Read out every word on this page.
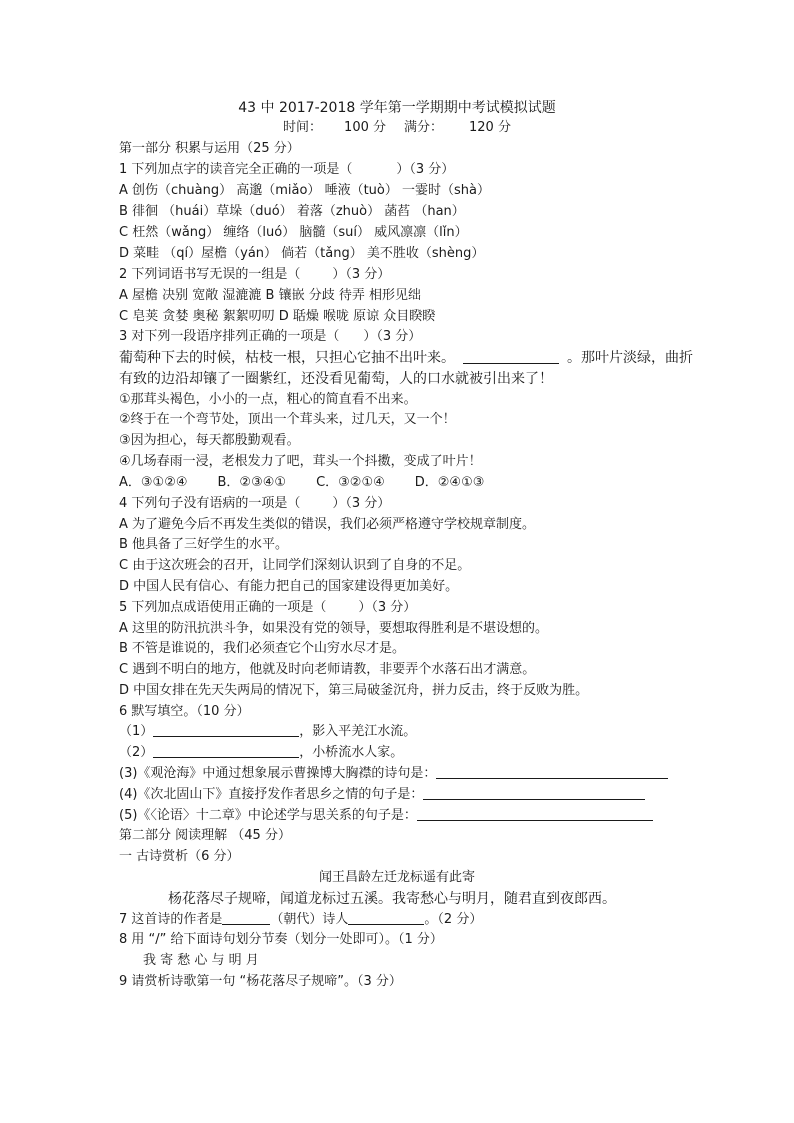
43 中 2017-2018 学年第一学期期中考试模拟试题
时间： 100 分 满分： 120 分
第一部分 积累与运用（25 分）
1 下列加点字的读音完全正确的一项是（	）（3 分）
A 创伤（chuàng） 高邈（miǎo） 唾液（tuò） 一霎时（shà）
B 徘徊 （huái）草垛（duó） 着落（zhuò） 菡萏 （han）
C 枉然（wǎng） 缠络（luó） 脑髓（suí） 威风凛凛（lǐn）
D 菜畦 （qí）屋檐（yán） 倘若（tǎng） 美不胜收（shèng）
2 下列词语书写无误的一组是（ ）（3 分）
A 屋檐 决别 宽敞 湿漉漉 B 镶嵌 分歧 待弄 相形见绌
C 皂荚 贪婪 奥秘 絮絮叨叨 D 聒燥 喉咙 原谅 众目睽睽
3 对下列一段语序排列正确的一项是（ ）（3 分）
葡萄种下去的时候，枯枝一根，只担心它抽不出叶来。	。那叶片淡绿，曲折
有致的边沿却镶了一圈紫红，还没看见葡萄，人的口水就被引出来了！
①那茸头褐色，小小的一点，粗心的简直看不出来。
②终于在一个弯节处，顶出一个茸头来，过几天，又一个！
③因为担心，每天都殷勤观看。
④几场春雨一浸，老根发力了吧，茸头一个抖擞，变成了叶片！
A．③①②④ B．②③④① C．③②①④ D．②④①③
4 下列句子没有语病的一项是（ ）（3 分）
A 为了避免今后不再发生类似的错误，我们必须严格遵守学校规章制度。
B 他具备了三好学生的水平。
C 由于这次班会的召开，让同学们深刻认识到了自身的不足。
D 中国人民有信心、有能力把自己的国家建设得更加美好。
5 下列加点成语使用正确的一项是（ ）（3 分）
A 这里的防汛抗洪斗争，如果没有党的领导，要想取得胜利是不堪设想的。
B 不管是谁说的，我们必须查它个山穷水尽才是。
C 遇到不明白的地方，他就及时向老师请教，非要弄个水落石出才满意。
D 中国女排在先天失两局的情况下，第三局破釜沉舟，拼力反击，终于反败为胜。
6 默写填空。（10 分）
（1）	，影入平羌江水流。
（2）	，小桥流水人家。
(3)《观沧海》中通过想象展示曹操博大胸襟的诗句是：
(4)《次北固山下》直接抒发作者思乡之情的句子是：
(5)《〈论语〉十二章》中论述学与思关系的句子是：
第二部分 阅读理解 （45 分）
一 古诗赏析（6 分）
闻王昌龄左迁龙标遥有此寄
杨花落尽子规啼，闻道龙标过五溪。我寄愁心与明月，随君直到夜郎西。
7 这首诗的作者是	（朝代）诗人	。（2 分）
8 用 “/” 给下面诗句划分节奏（划分一处即可）。（1 分）
我 寄 愁 心 与 明 月
9 请赏析诗歌第一句 “杨花落尽子规啼”。（3 分）
